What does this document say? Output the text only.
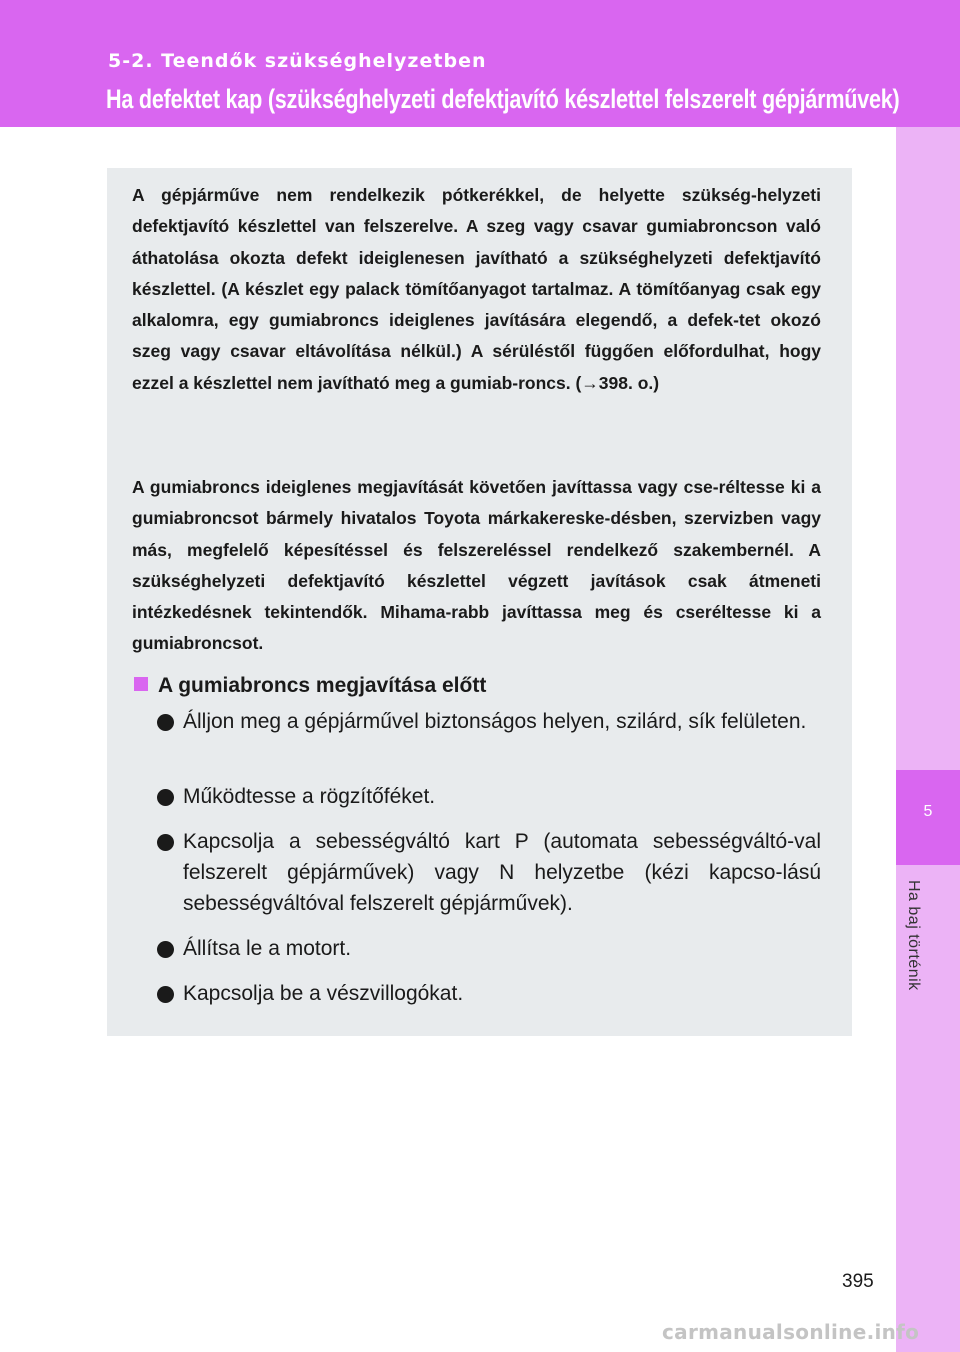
5-2. Teendők szükséghelyzetben
Ha defektet kap (szükséghelyzeti defektjavító készlettel felszerelt gépjárművek)
5
Ha baj történik

A gépjárműve nem rendelkezik pótkerékkel, de helyette szükség-helyzeti defektjavító készlettel van felszerelve. A szeg vagy csavar gumiabroncson való áthatolása okozta defekt ideiglenesen javítható a szükséghelyzeti defektjavító készlettel. (A készlet egy palack tömítőanyagot tartalmaz. A tömítőanyag csak egy alkalomra, egy gumiabroncs ideiglenes javítására elegendő, a defek-tet okozó szeg vagy csavar eltávolítása nélkül.) A sérüléstől függően előfordulhat, hogy ezzel a készlettel nem javítható meg a gumiab-roncs. (→398. o.)

A gumiabroncs ideiglenes megjavítását követően javíttassa vagy cse-réltesse ki a gumiabroncsot bármely hivatalos Toyota márkakereske-désben, szervizben vagy más, megfelelő képesítéssel és felszereléssel rendelkező szakembernél. A szükséghelyzeti defektjavító készlettel végzett javítások csak átmeneti intézkedésnek tekintendők. Mihama-rabb javíttassa meg és cseréltesse ki a gumiabroncsot.

A gumiabroncs megjavítása előtt
Álljon meg a gépjárművel biztonságos helyen, szilárd, sík felületen.
Működtesse a rögzítőféket.
Kapcsolja a sebességváltó kart P (automata sebességváltó-val felszerelt gépjárművek) vagy N helyzetbe (kézi kapcso-lású sebességváltóval felszerelt gépjárművek).
Állítsa le a motort.
Kapcsolja be a vészvillogókat.
395
carmanualsonline.info
